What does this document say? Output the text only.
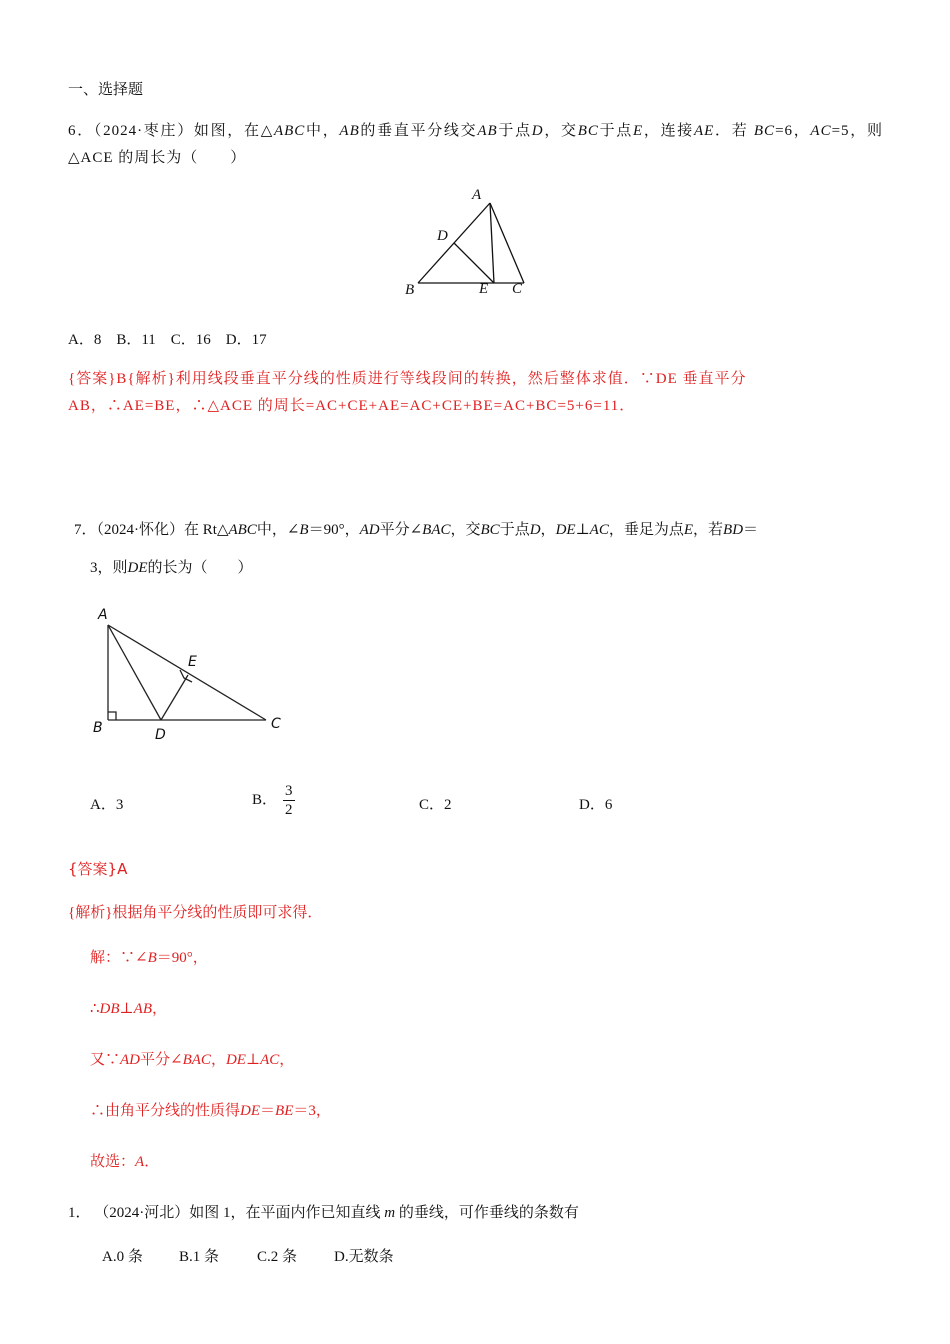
一、选择题
6．（2024·枣庄）如图，在△ABC中，AB的垂直平分线交AB于点D，交BC于点E，连接AE．若 BC=6，AC=5，则△ACE 的周长为（　　）
A
D
B	E C
A．8　B．11　C．16　D．17
{答案}B{解析}利用线段垂直平分线的性质进行等线段间的转换，然后整体求值．∵DE 垂直平分
AB，∴AE=BE，∴△ACE 的周长=AC+CE+AE=AC+CE+BE=AC+BC=5+6=11．
7．（2024·怀化）在 Rt△ABC中，∠B＝90°，AD平分∠BAC，交BC于点D，DE⊥AC，垂足为点E，若BD＝
3，则DE的长为（　　）
A
E
B	D
C
A．3	B． $\frac{3}{2}$	C．2	D．6
{答案}A
{解析}根据角平分线的性质即可求得．
解：∵∠B＝90°，
∴DB⊥AB，
又∵AD平分∠BAC，DE⊥AC，
∴由角平分线的性质得DE＝BE＝3，
故选：A．
1． （2024·河北）如图 1，在平面内作已知直线 m 的垂线，可作垂线的条数有
A.0 条 B.1 条	C.2 条 D.无数条
